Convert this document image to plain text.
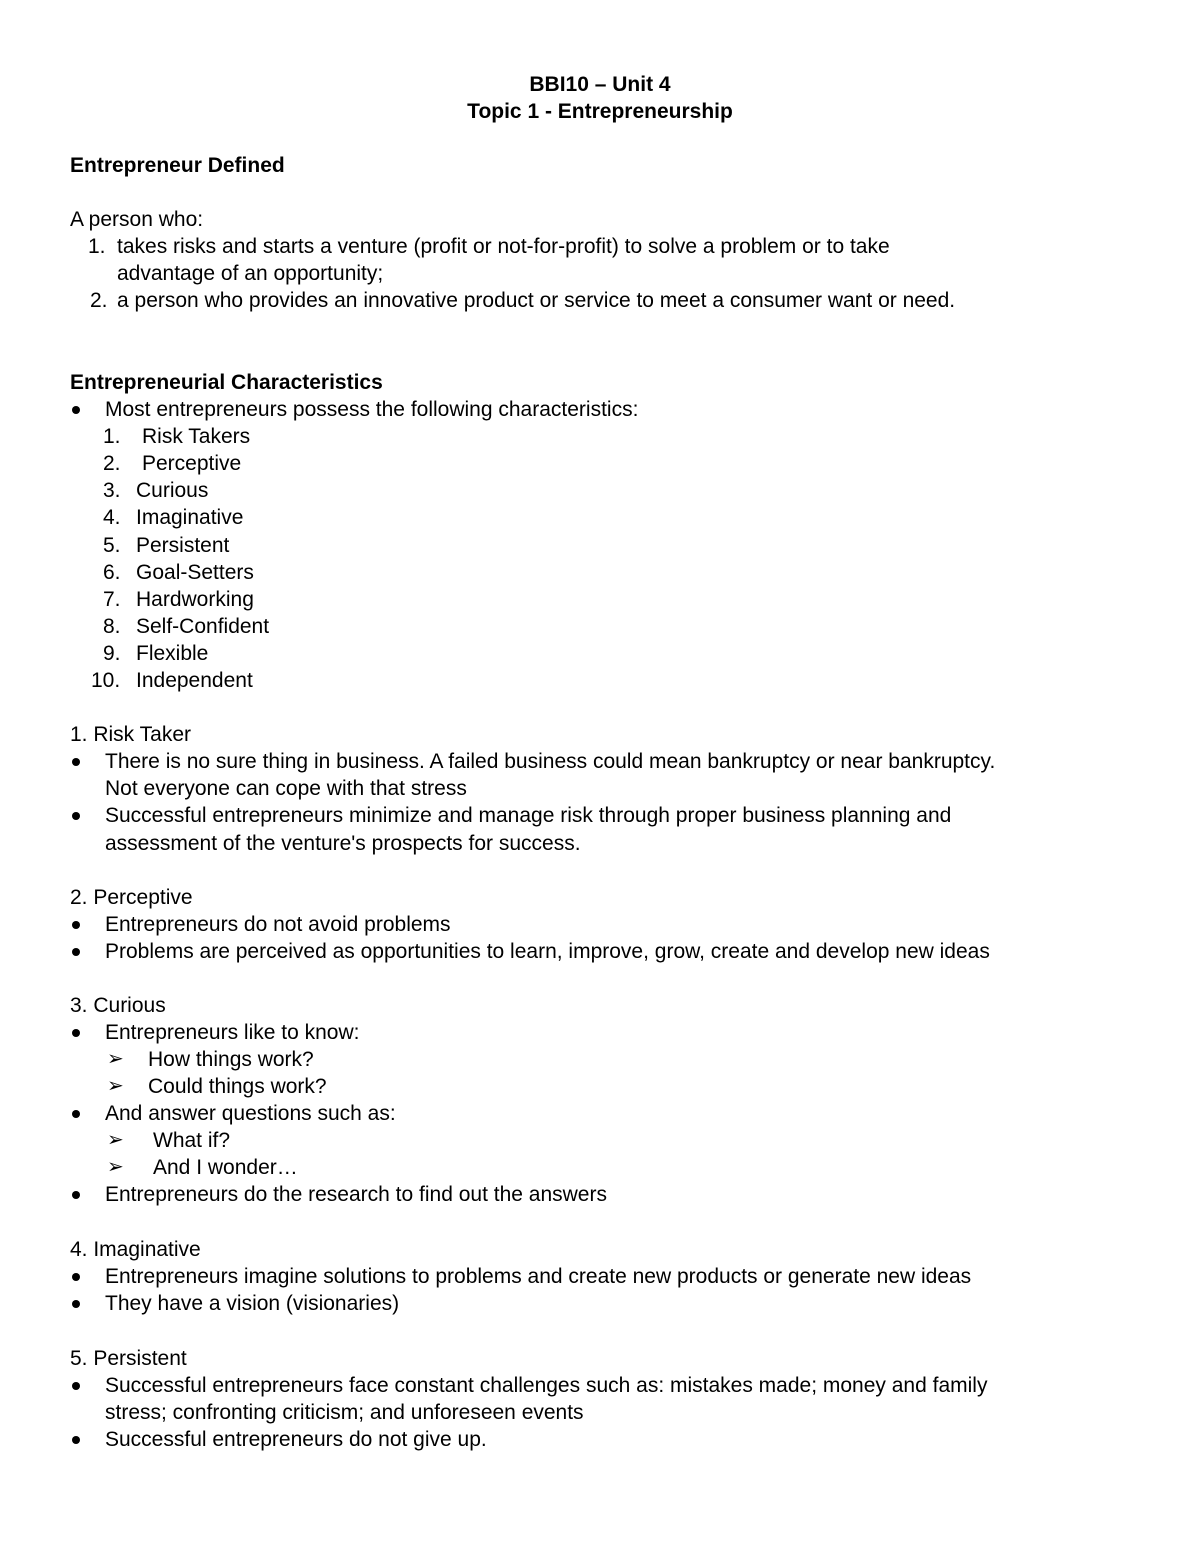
BBI10 – Unit 4
Topic 1 - Entrepreneurship
Entrepreneur Defined
A person who:
1. takes risks and starts a venture (profit or not-for-profit) to solve a problem or to take
advantage of an opportunity;
2. a person who provides an innovative product or service to meet a consumer want or need.
Entrepreneurial Characteristics
Most entrepreneurs possess the following characteristics:
1. Risk Takers
2. Perceptive
3. Curious
4. Imaginative
5. Persistent
6. Goal-Setters
7. Hardworking
8. Self-Confident
9. Flexible
10. Independent
1. Risk Taker
There is no sure thing in business. A failed business could mean bankruptcy or near bankruptcy.
Not everyone can cope with that stress
Successful entrepreneurs minimize and manage risk through proper business planning and
assessment of the venture's prospects for success.
2. Perceptive
Entrepreneurs do not avoid problems
Problems are perceived as opportunities to learn, improve, grow, create and develop new ideas
3. Curious
Entrepreneurs like to know:
➢ How things work?
➢ Could things work?
And answer questions such as:
➢ What if?
➢ And I wonder…
Entrepreneurs do the research to find out the answers
4. Imaginative
Entrepreneurs imagine solutions to problems and create new products or generate new ideas
They have a vision (visionaries)
5. Persistent
Successful entrepreneurs face constant challenges such as: mistakes made; money and family
stress; confronting criticism; and unforeseen events
Successful entrepreneurs do not give up.
